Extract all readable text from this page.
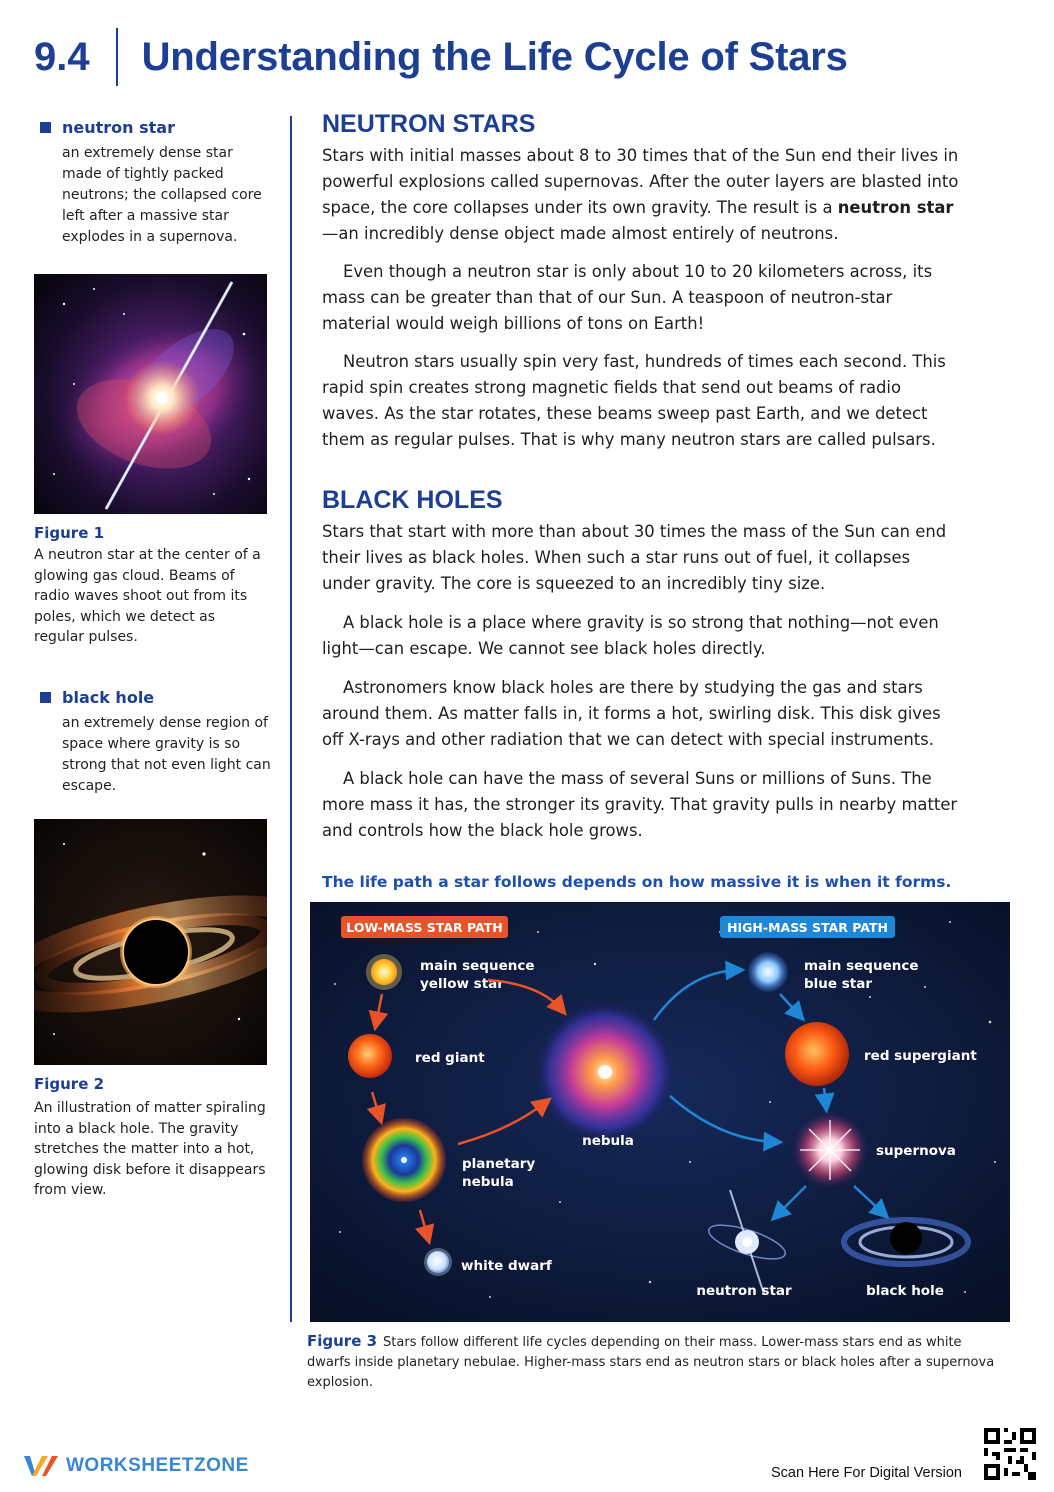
9.4 Understanding the Life Cycle of Stars
neutron star
an extremely dense star made of tightly packed neutrons; the collapsed core left after a massive star explodes in a supernova.
Figure 1
A neutron star at the center of a glowing gas cloud. Beams of radio waves shoot out from its poles, which we detect as regular pulses.
black hole
an extremely dense region of space where gravity is so strong that not even light can escape.
Figure 2
An illustration of matter spiraling into a black hole. The gravity stretches the matter into a hot, glowing disk before it disappears from view.
NEUTRON STARS

Stars with initial masses about 8 to 30 times that of the Sun end their lives in powerful explosions called supernovas. After the outer layers are blasted into space, the core collapses under its own gravity. The result is a neutron star—an incredibly dense object made almost entirely of neutrons.

Even though a neutron star is only about 10 to 20 kilometers across, its mass can be greater than that of our Sun. A teaspoon of neutron-star material would weigh billions of tons on Earth!

Neutron stars usually spin very fast, hundreds of times each second. This rapid spin creates strong magnetic fields that send out beams of radio waves. As the star rotates, these beams sweep past Earth, and we detect them as regular pulses. That is why many neutron stars are called pulsars.

BLACK HOLES

Stars that start with more than about 30 times the mass of the Sun can end their lives as black holes. When such a star runs out of fuel, it collapses under gravity. The core is squeezed to an incredibly tiny size.

A black hole is a place where gravity is so strong that nothing—not even light—can escape. We cannot see black holes directly.

Astronomers know black holes are there by studying the gas and stars around them. As matter falls in, it forms a hot, swirling disk. This disk gives off X-rays and other radiation that we can detect with special instruments.

A black hole can have the mass of several Suns or millions of Suns. The more mass it has, the stronger its gravity. That gravity pulls in nearby matter and controls how the black hole grows.

The life path a star follows depends on how massive it is when it forms.
LOW-MASS STAR PATH	HIGH-MASS STAR PATH
main sequence
yellow star
red giant
planetary
nebula
white dwarf
nebula
main sequence
blue star
red supergiant
supernova
neutron star	black hole
Figure 3 Stars follow different life cycles depending on their mass. Lower-mass stars end as white dwarfs inside planetary nebulae. Higher-mass stars end as neutron stars or black holes after a supernova explosion.
WORKSHEETZONE	Scan Here For Digital Version
